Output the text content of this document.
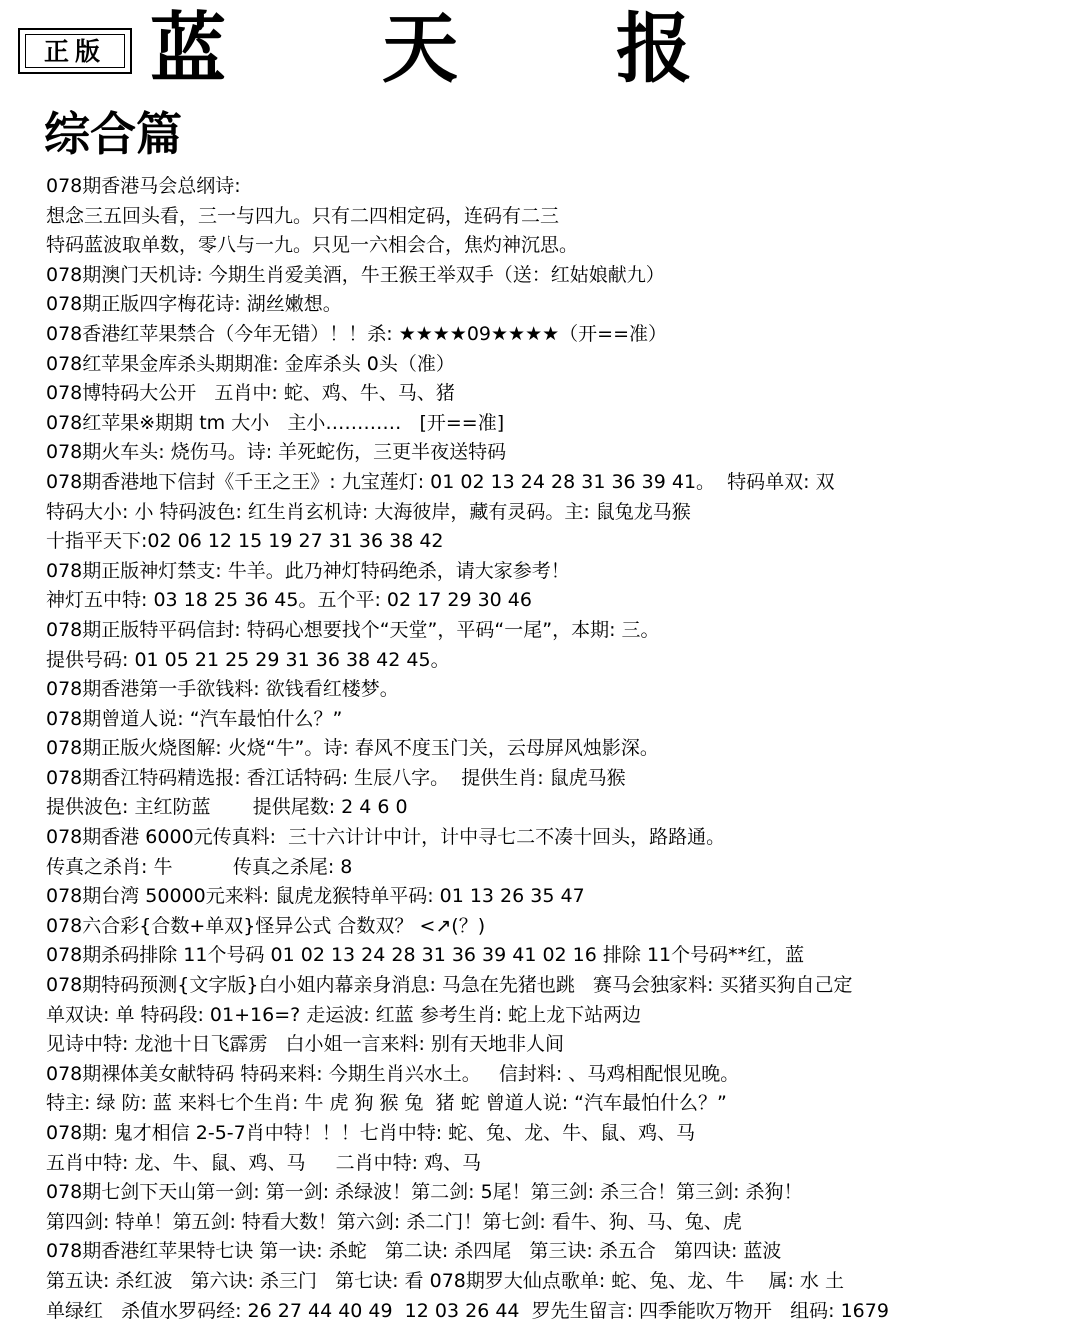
正版 蓝 天 报
综合篇
078期香港马会总纲诗:
想念三五回头看，三一与四九。只有二四相定码，连码有二三
特码蓝波取单数，零八与一九。只见一六相会合，焦灼神沉思。
078期澳门天机诗: 今期生肖爱美酒，牛王猴王举双手（送：红姑娘献九）
078期正版四字梅花诗: 湖丝嫩想。
078香港红苹果禁合（今年无错）！！杀: ★★★★09★★★★（开==准）
078红苹果金库杀头期期准: 金库杀头 0头（准）
078博特码大公开   五肖中: 蛇、鸡、牛、马、猪
078红苹果※期期 tm 大小   主小…………   [开==准]
078期火车头: 烧伤马。诗: 羊死蛇伤，三更半夜送特码
078期香港地下信封《千王之王》: 九宝莲灯: 01 02 13 24 28 31 36 39 41。  特码单双: 双
特码大小: 小 特码波色: 红生肖玄机诗: 大海彼岸，藏有灵码。主: 鼠兔龙马猴
十指平天下:02 06 12 15 19 27 31 36 38 42
078期正版神灯禁支: 牛羊。此乃神灯特码绝杀，请大家参考！
神灯五中特: 03 18 25 36 45。五个平: 02 17 29 30 46
078期正版特平码信封: 特码心想要找个“天堂”，平码“一尾”，本期: 三。
提供号码: 01 05 21 25 29 31 36 38 42 45。
078期香港第一手欲钱料: 欲钱看红楼梦。
078期曾道人说: “汽车最怕什么？”
078期正版火烧图解: 火烧“牛”。诗: 春风不度玉门关，云母屏风烛影深。
078期香江特码精选报: 香江话特码: 生辰八字。  提供生肖: 鼠虎马猴
提供波色: 主红防蓝       提供尾数: 2 4 6 0
078期香港 6000元传真料:  三十六计计中计，计中寻七二不凑十回头，路路通。
传真之杀肖: 牛          传真之杀尾: 8
078期台湾 50000元来料: 鼠虎龙猴特单平码: 01 13 26 35 47
078六合彩{合数+单双}怪异公式 合数双？ <↗(？)
078期杀码排除 11个号码 01 02 13 24 28 31 36 39 41 02 16 排除 11个号码**红，蓝
078期特码预测{文字版}白小姐内幕亲身消息: 马急在先猪也跳   赛马会独家料: 买猪买狗自己定
单双诀: 单 特码段: 01+16=? 走运波: 红蓝 参考生肖: 蛇上龙下站两边
见诗中特: 龙池十日飞霹雳   白小姐一言来料: 别有天地非人间
078期裸体美女献特码 特码来料: 今期生肖兴水土。   信封料: 、马鸡相配恨见晚。
特主: 绿 防: 蓝 来料七个生肖: 牛 虎 狗 猴 兔  猪 蛇 曾道人说: “汽车最怕什么？”
078期: 鬼才相信 2-5-7肖中特！！！七肖中特: 蛇、兔、龙、牛、鼠、鸡、马
五肖中特: 龙、牛、鼠、鸡、马     二肖中特: 鸡、马
078期七剑下天山第一剑: 第一剑: 杀绿波！第二剑: 5尾！第三剑: 杀三合！第三剑: 杀狗！
第四剑: 特单！第五剑: 特看大数！第六剑: 杀二门！第七剑: 看牛、狗、马、兔、虎
078期香港红苹果特七诀 第一诀: 杀蛇   第二诀: 杀四尾   第三诀: 杀五合   第四诀: 蓝波
第五诀: 杀红波   第六诀: 杀三门   第七诀: 看 078期罗大仙点歌单: 蛇、兔、龙、牛    属: 水 土
单绿红   杀值水罗码经: 26 27 44 40 49  12 03 26 44  罗先生留言: 四季能吹万物开   组码: 1679
